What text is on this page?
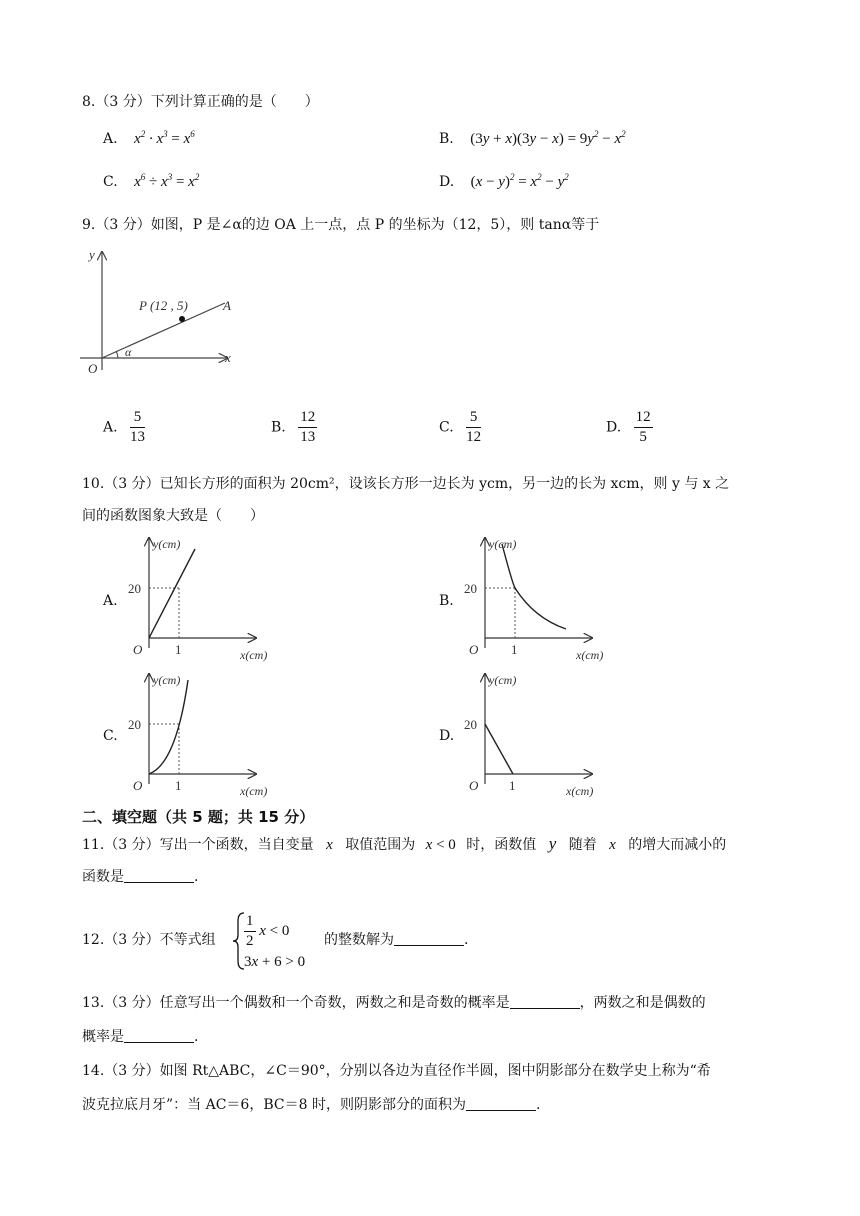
8.（3 分）下列计算正确的是（　　）
A. $x^2 \cdot x^3 = x^6$	B. $(3y + x)(3y - x) = 9y^2 - x^2$
C. $x^6 \div x^3 = x^2$	D. $(x - y)^2 = x^2 - y^2$
9.（3 分）如图，P 是∠α的边 OA 上一点，点 P 的坐标为（12，5），则 tanα等于
y
x
O
P (12 , 5)	A
α
A. $\frac{5}{13}$	B. $\frac{12}{13}$	C. $\frac{5}{12}$	D. $\frac{12}{5}$
10.（3 分）已知长方形的面积为 20cm²，设该长方形一边长为 ycm，另一边的长为 xcm，则 y 与 x 之
间的函数图象大致是（　　）
A.	B.
C.	D.
y(cm)
x(cm)
O
20
1
y(cm)
x(cm)
O
20
1
y(cm)
x(cm)
O
20
1
y(cm)
x(cm)
O
20
1
二、填空题（共 5 题；共 15 分）
11.（3 分）写出一个函数，当自变量 x 取值范围为 x < 0 时，函数值 y 随着 x 的增大而减小的
函数是	.
12.（3 分）不等式组 $\frac{1}{2}$ x < 0
3x + 6 > 0
的整数解为	.
13.（3 分）任意写出一个偶数和一个奇数，两数之和是奇数的概率是	，两数之和是偶数的
概率是	.
14.（3 分）如图 Rt△ABC，∠C＝90°，分别以各边为直径作半圆，图中阴影部分在数学史上称为“希
波克拉底月牙”：当 AC＝6，BC＝8 时，则阴影部分的面积为	.
